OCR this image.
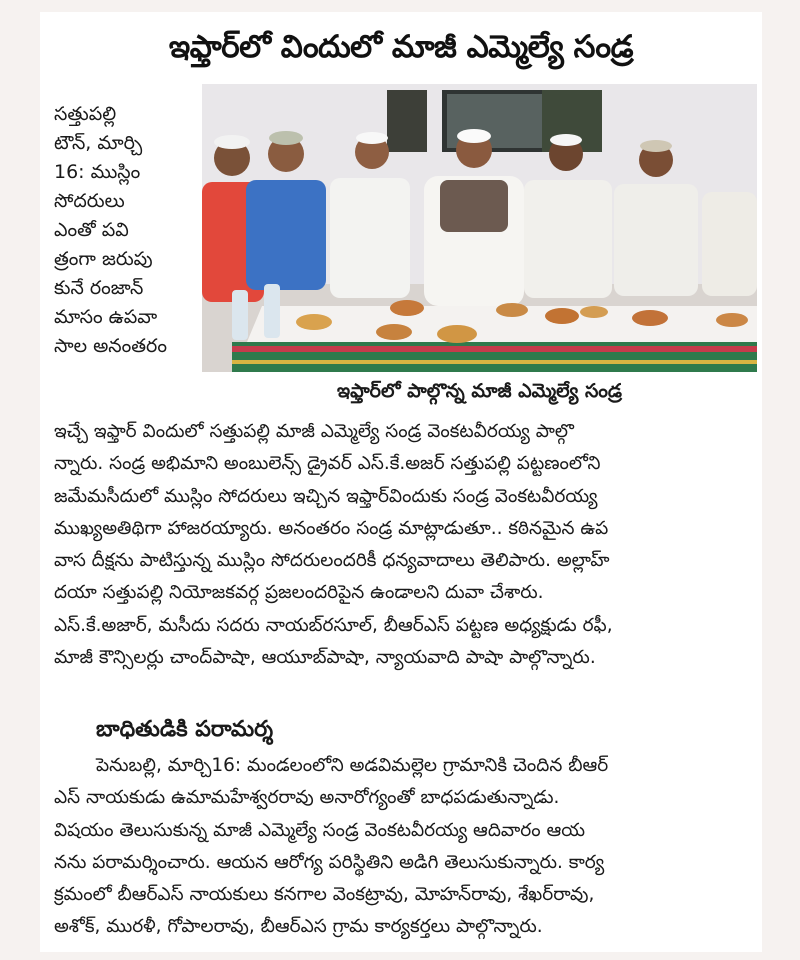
ఇఫ్తార్‌లో విందులో మాజీ ఎమ్మెల్యే సండ్ర
సత్తుపల్లి
టౌన్, మార్చి
16: ముస్లిం
సోదరులు
ఎంతో పవి
త్రంగా జరుపు
కునే రంజాన్
మాసం ఉపవా
సాల అనంతరం
ఇఫ్తార్‌లో పాల్గొన్న మాజీ ఎమ్మెల్యే సండ్ర
ఇచ్చే ఇఫ్తార్ విందులో సత్తుపల్లి మాజీ ఎమ్మెల్యే సండ్ర వెంకటవీరయ్య పాల్గొ
న్నారు. సండ్ర అభిమాని అంబులెన్స్ డ్రైవర్ ఎస్.కే.అజర్ సత్తుపల్లి పట్టణంలోని
జమేమసీదులో ముస్లిం సోదరులు ఇచ్చిన ఇఫ్తార్‌విందుకు సండ్ర వెంకటవీరయ్య
ముఖ్యఅతిథిగా హాజరయ్యారు. అనంతరం సండ్ర మాట్లాడుతూ.. కఠినమైన ఉప
వాస దీక్షను పాటిస్తున్న ముస్లిం సోదరులందరికీ ధన్యవాదాలు తెలిపారు. అల్లాహ్
దయా సత్తుపల్లి నియోజకవర్గ ప్రజలందరిపైన ఉండాలని దువా చేశారు.
ఎస్.కే.అజార్, మసీదు సదరు నాయబ్‌రసూల్, బీఆర్ఎస్ పట్టణ అధ్యక్షుడు రఫీ,
మాజీ కౌన్సిలర్లు చాంద్‌పాషా, ఆయూబ్‌పాషా, న్యాయవాది పాషా పాల్గొన్నారు.
బాధితుడికి పరామర్శ
పెనుబల్లి, మార్చి16: మండలంలోని అడవిమల్లెల గ్రామానికి చెందిన బీఆర్
ఎస్ నాయకుడు ఉమామహేశ్వరరావు అనారోగ్యంతో బాధపడుతున్నాడు.
విషయం తెలుసుకున్న మాజీ ఎమ్మెల్యే సండ్ర వెంకటవీరయ్య ఆదివారం ఆయ
నను పరామర్శించారు. ఆయన ఆరోగ్య పరిస్థితిని అడిగి తెలుసుకున్నారు. కార్య
క్రమంలో బీఆర్ఎస్ నాయకులు కనగాల వెంకట్రావు, మోహన్‌రావు, శేఖర్‌రావు,
అశోక్, మురళీ, గోపాలరావు, బీఆర్ఎస గ్రామ కార్యకర్తలు పాల్గొన్నారు.
